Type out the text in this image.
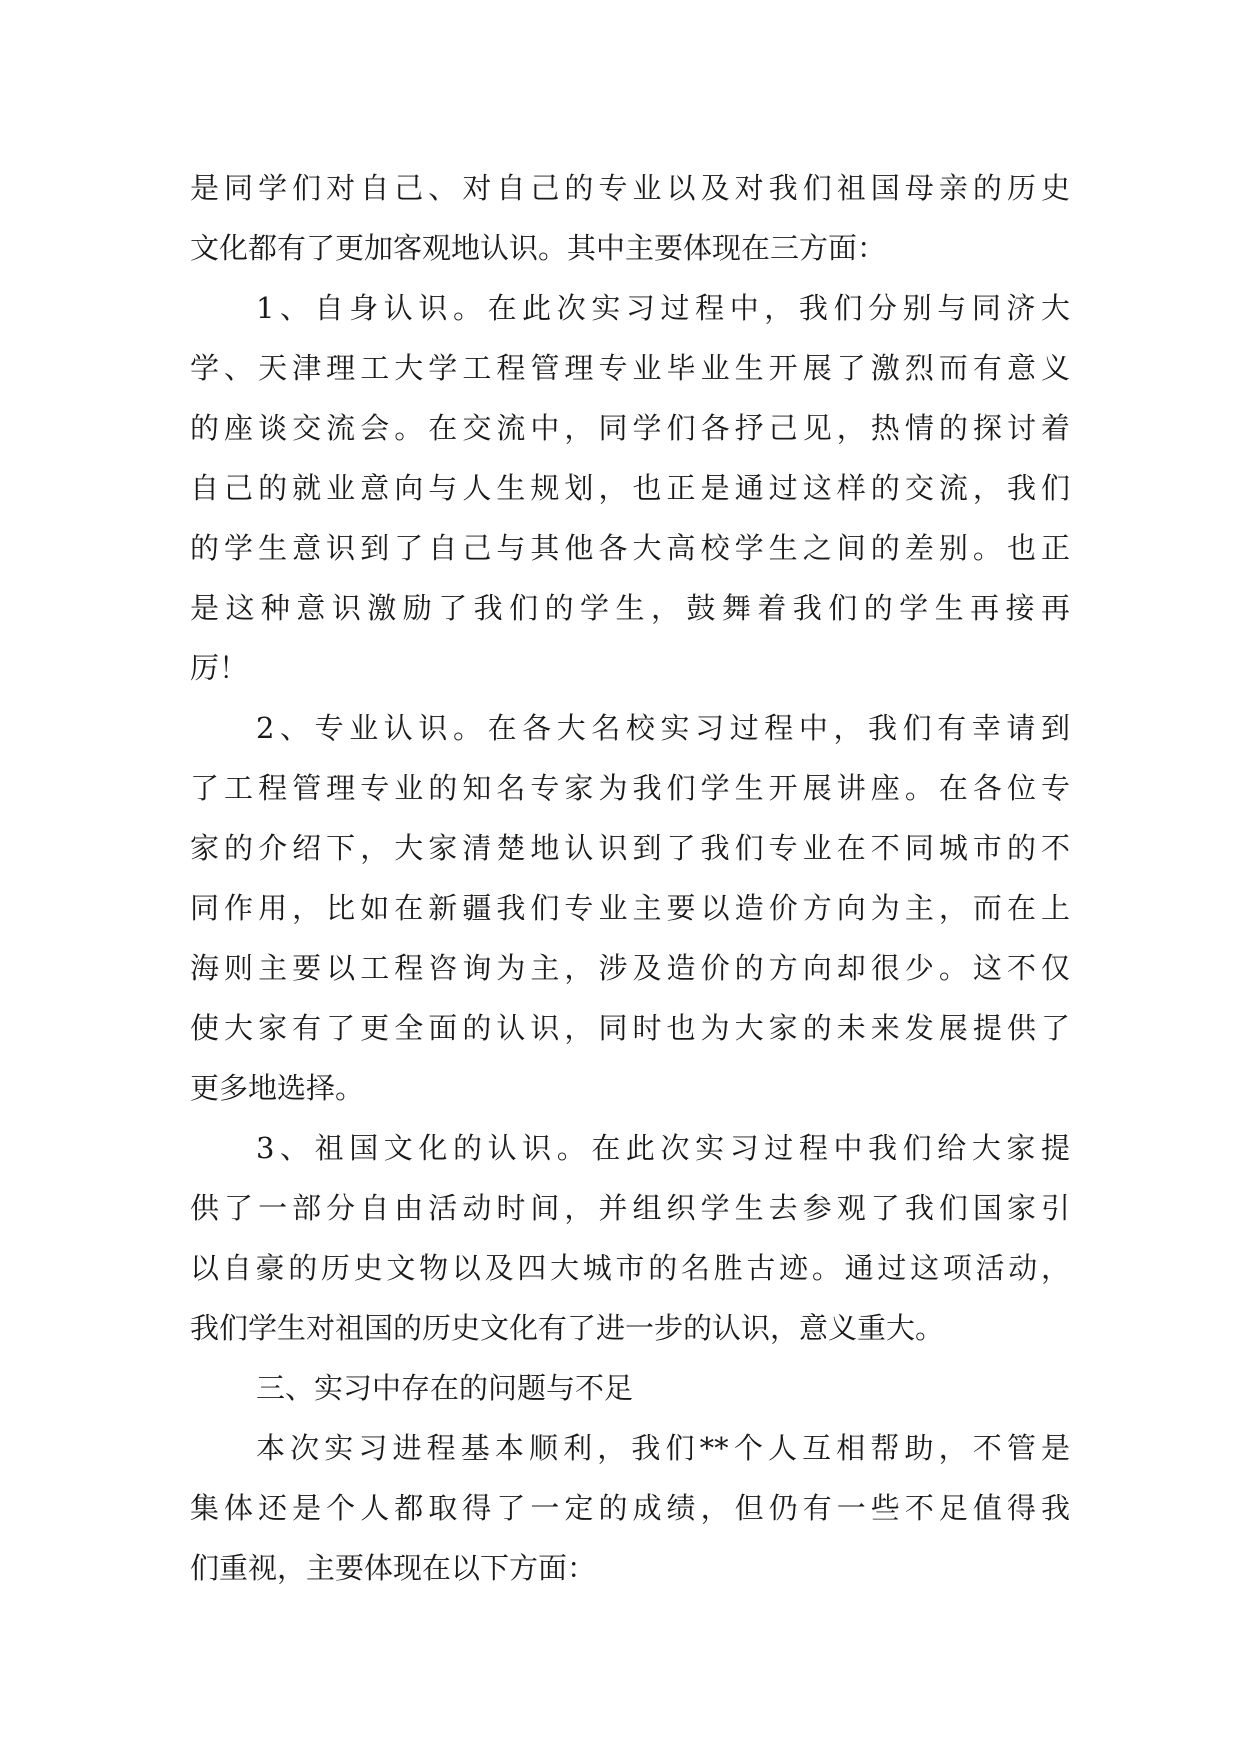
是同学们对自己、对自己的专业以及对我们祖国母亲的历史
文化都有了更加客观地认识。其中主要体现在三方面：
1、自身认识。在此次实习过程中，我们分别与同济大
学、天津理工大学工程管理专业毕业生开展了激烈而有意义
的座谈交流会。在交流中，同学们各抒己见，热情的探讨着
自己的就业意向与人生规划，也正是通过这样的交流，我们
的学生意识到了自己与其他各大高校学生之间的差别。也正
是这种意识激励了我们的学生，鼓舞着我们的学生再接再
厉！
2、专业认识。在各大名校实习过程中，我们有幸请到
了工程管理专业的知名专家为我们学生开展讲座。在各位专
家的介绍下，大家清楚地认识到了我们专业在不同城市的不
同作用，比如在新疆我们专业主要以造价方向为主，而在上
海则主要以工程咨询为主，涉及造价的方向却很少。这不仅
使大家有了更全面的认识，同时也为大家的未来发展提供了
更多地选择。
3、祖国文化的认识。在此次实习过程中我们给大家提
供了一部分自由活动时间，并组织学生去参观了我们国家引
以自豪的历史文物以及四大城市的名胜古迹。通过这项活动，
我们学生对祖国的历史文化有了进一步的认识，意义重大。
三、实习中存在的问题与不足
本次实习进程基本顺利，我们**个人互相帮助，不管是
集体还是个人都取得了一定的成绩，但仍有一些不足值得我
们重视，主要体现在以下方面：
